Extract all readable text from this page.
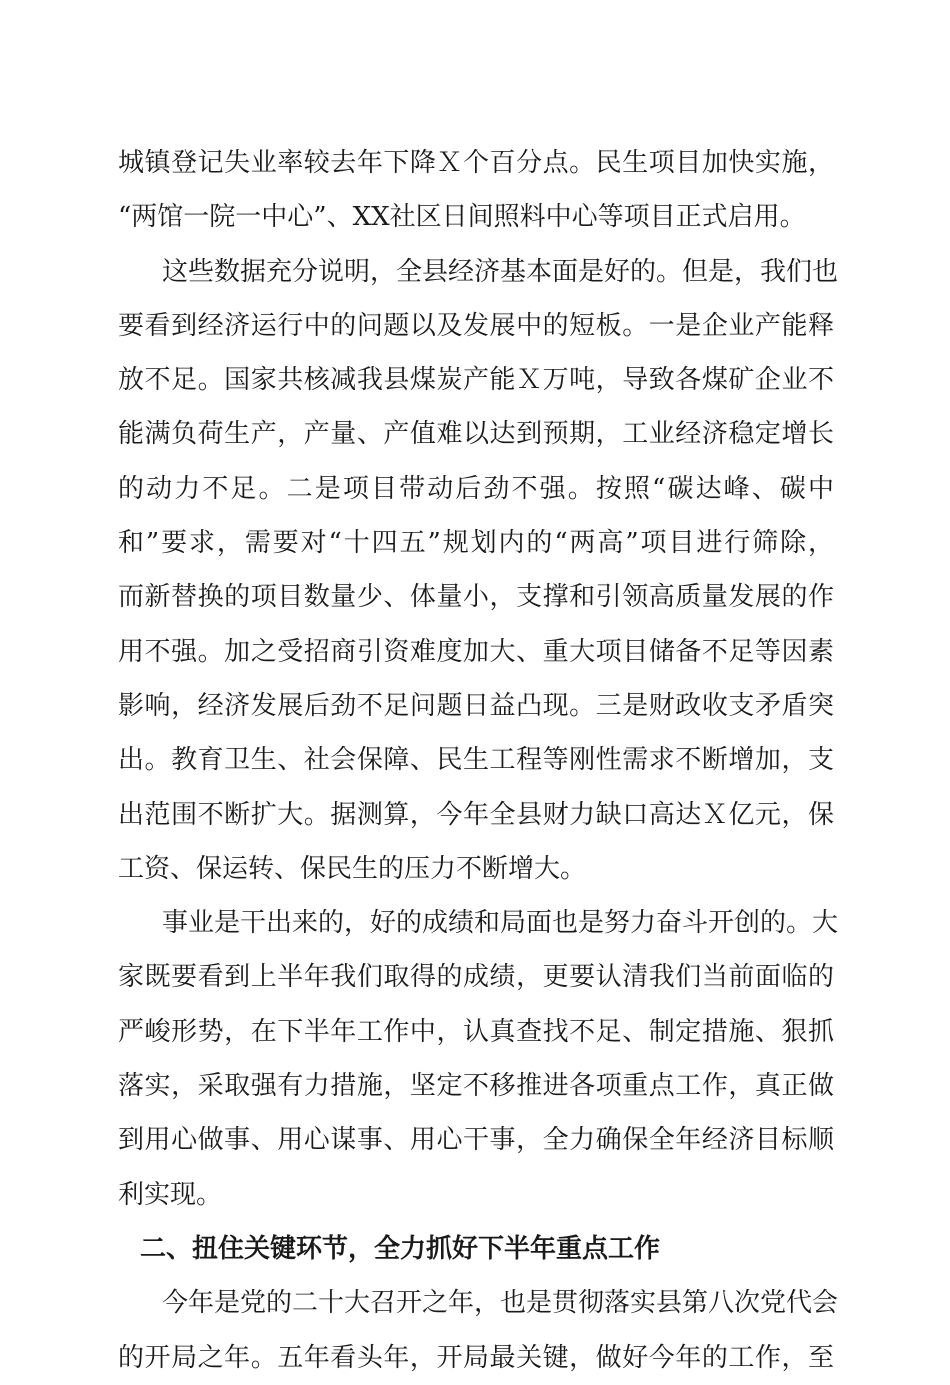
城镇登记失业率较去年下降Ｘ个百分点。民生项目加快实施，
“两馆一院一中心”、XX社区日间照料中心等项目正式启用。
这些数据充分说明，全县经济基本面是好的。但是，我们也
要看到经济运行中的问题以及发展中的短板。一是企业产能释
放不足。国家共核减我县煤炭产能Ｘ万吨，导致各煤矿企业不
能满负荷生产，产量、产值难以达到预期，工业经济稳定增长
的动力不足。二是项目带动后劲不强。按照“碳达峰、碳中
和”要求，需要对“十四五”规划内的“两高”项目进行筛除，
而新替换的项目数量少、体量小，支撑和引领高质量发展的作
用不强。加之受招商引资难度加大、重大项目储备不足等因素
影响，经济发展后劲不足问题日益凸现。三是财政收支矛盾突
出。教育卫生、社会保障、民生工程等刚性需求不断增加，支
出范围不断扩大。据测算，今年全县财力缺口高达Ｘ亿元，保
工资、保运转、保民生的压力不断增大。
事业是干出来的，好的成绩和局面也是努力奋斗开创的。大
家既要看到上半年我们取得的成绩，更要认清我们当前面临的
严峻形势，在下半年工作中，认真查找不足、制定措施、狠抓
落实，采取强有力措施，坚定不移推进各项重点工作，真正做
到用心做事、用心谋事、用心干事，全力确保全年经济目标顺
利实现。
二、扭住关键环节，全力抓好下半年重点工作
今年是党的二十大召开之年，也是贯彻落实县第八次党代会
的开局之年。五年看头年，开局最关键，做好今年的工作，至
